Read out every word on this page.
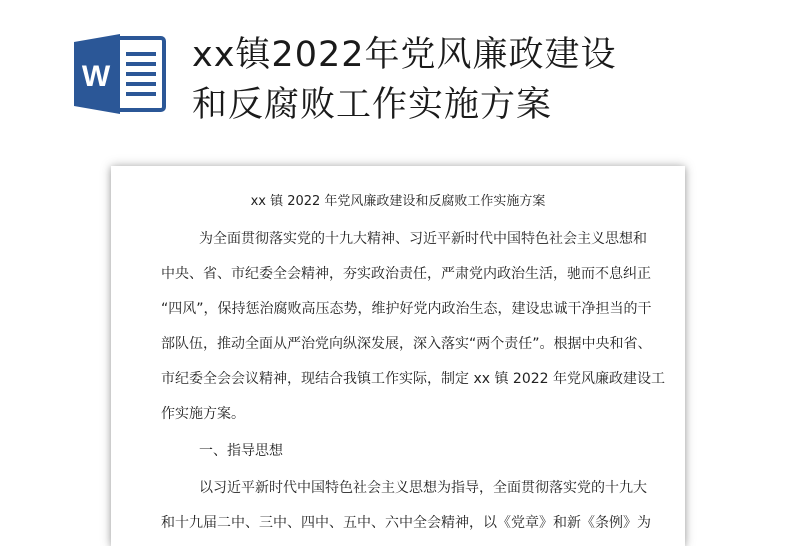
W
xx镇2022年党风廉政建设
和反腐败工作实施方案
xx 镇 2022 年党风廉政建设和反腐败工作实施方案
为全面贯彻落实党的十九大精神、习近平新时代中国特色社会主义思想和
中央、省、市纪委全会精神，夯实政治责任，严肃党内政治生活，驰而不息纠正
“四风”，保持惩治腐败高压态势，维护好党内政治生态，建设忠诚干净担当的干
部队伍，推动全面从严治党向纵深发展，深入落实“两个责任”。根据中央和省、
市纪委全会会议精神，现结合我镇工作实际，制定 xx 镇 2022 年党风廉政建设工
作实施方案。
一、指导思想
以习近平新时代中国特色社会主义思想为指导，全面贯彻落实党的十九大
和十九届二中、三中、四中、五中、六中全会精神，以《党章》和新《条例》为
